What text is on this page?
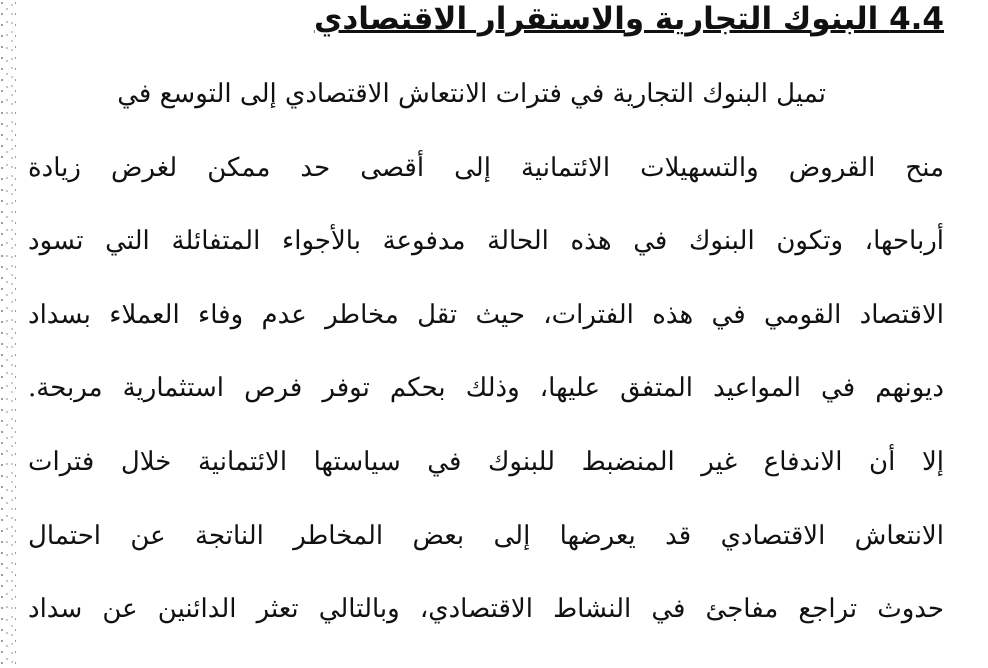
4.4 البنوك التجارية والاستقرار الاقتصادي
تميل البنوك التجارية في فترات الانتعاش الاقتصادي إلى التوسع في
منح القروض والتسهيلات الائتمانية إلى أقصى حد ممكن لغرض زيادة
أرباحها، وتكون البنوك في هذه الحالة مدفوعة بالأجواء المتفائلة التي تسود
الاقتصاد القومي في هذه الفترات، حيث تقل مخاطر عدم وفاء العملاء بسداد
ديونهم في المواعيد المتفق عليها، وذلك بحكم توفر فرص استثمارية مربحة.
إلا أن الاندفاع غير المنضبط للبنوك في سياستها الائتمانية خلال فترات
الانتعاش الاقتصادي قد يعرضها إلى بعض المخاطر الناتجة عن احتمال
حدوث تراجع مفاجئ في النشاط الاقتصادي، وبالتالي تعثر الدائنين عن سداد
